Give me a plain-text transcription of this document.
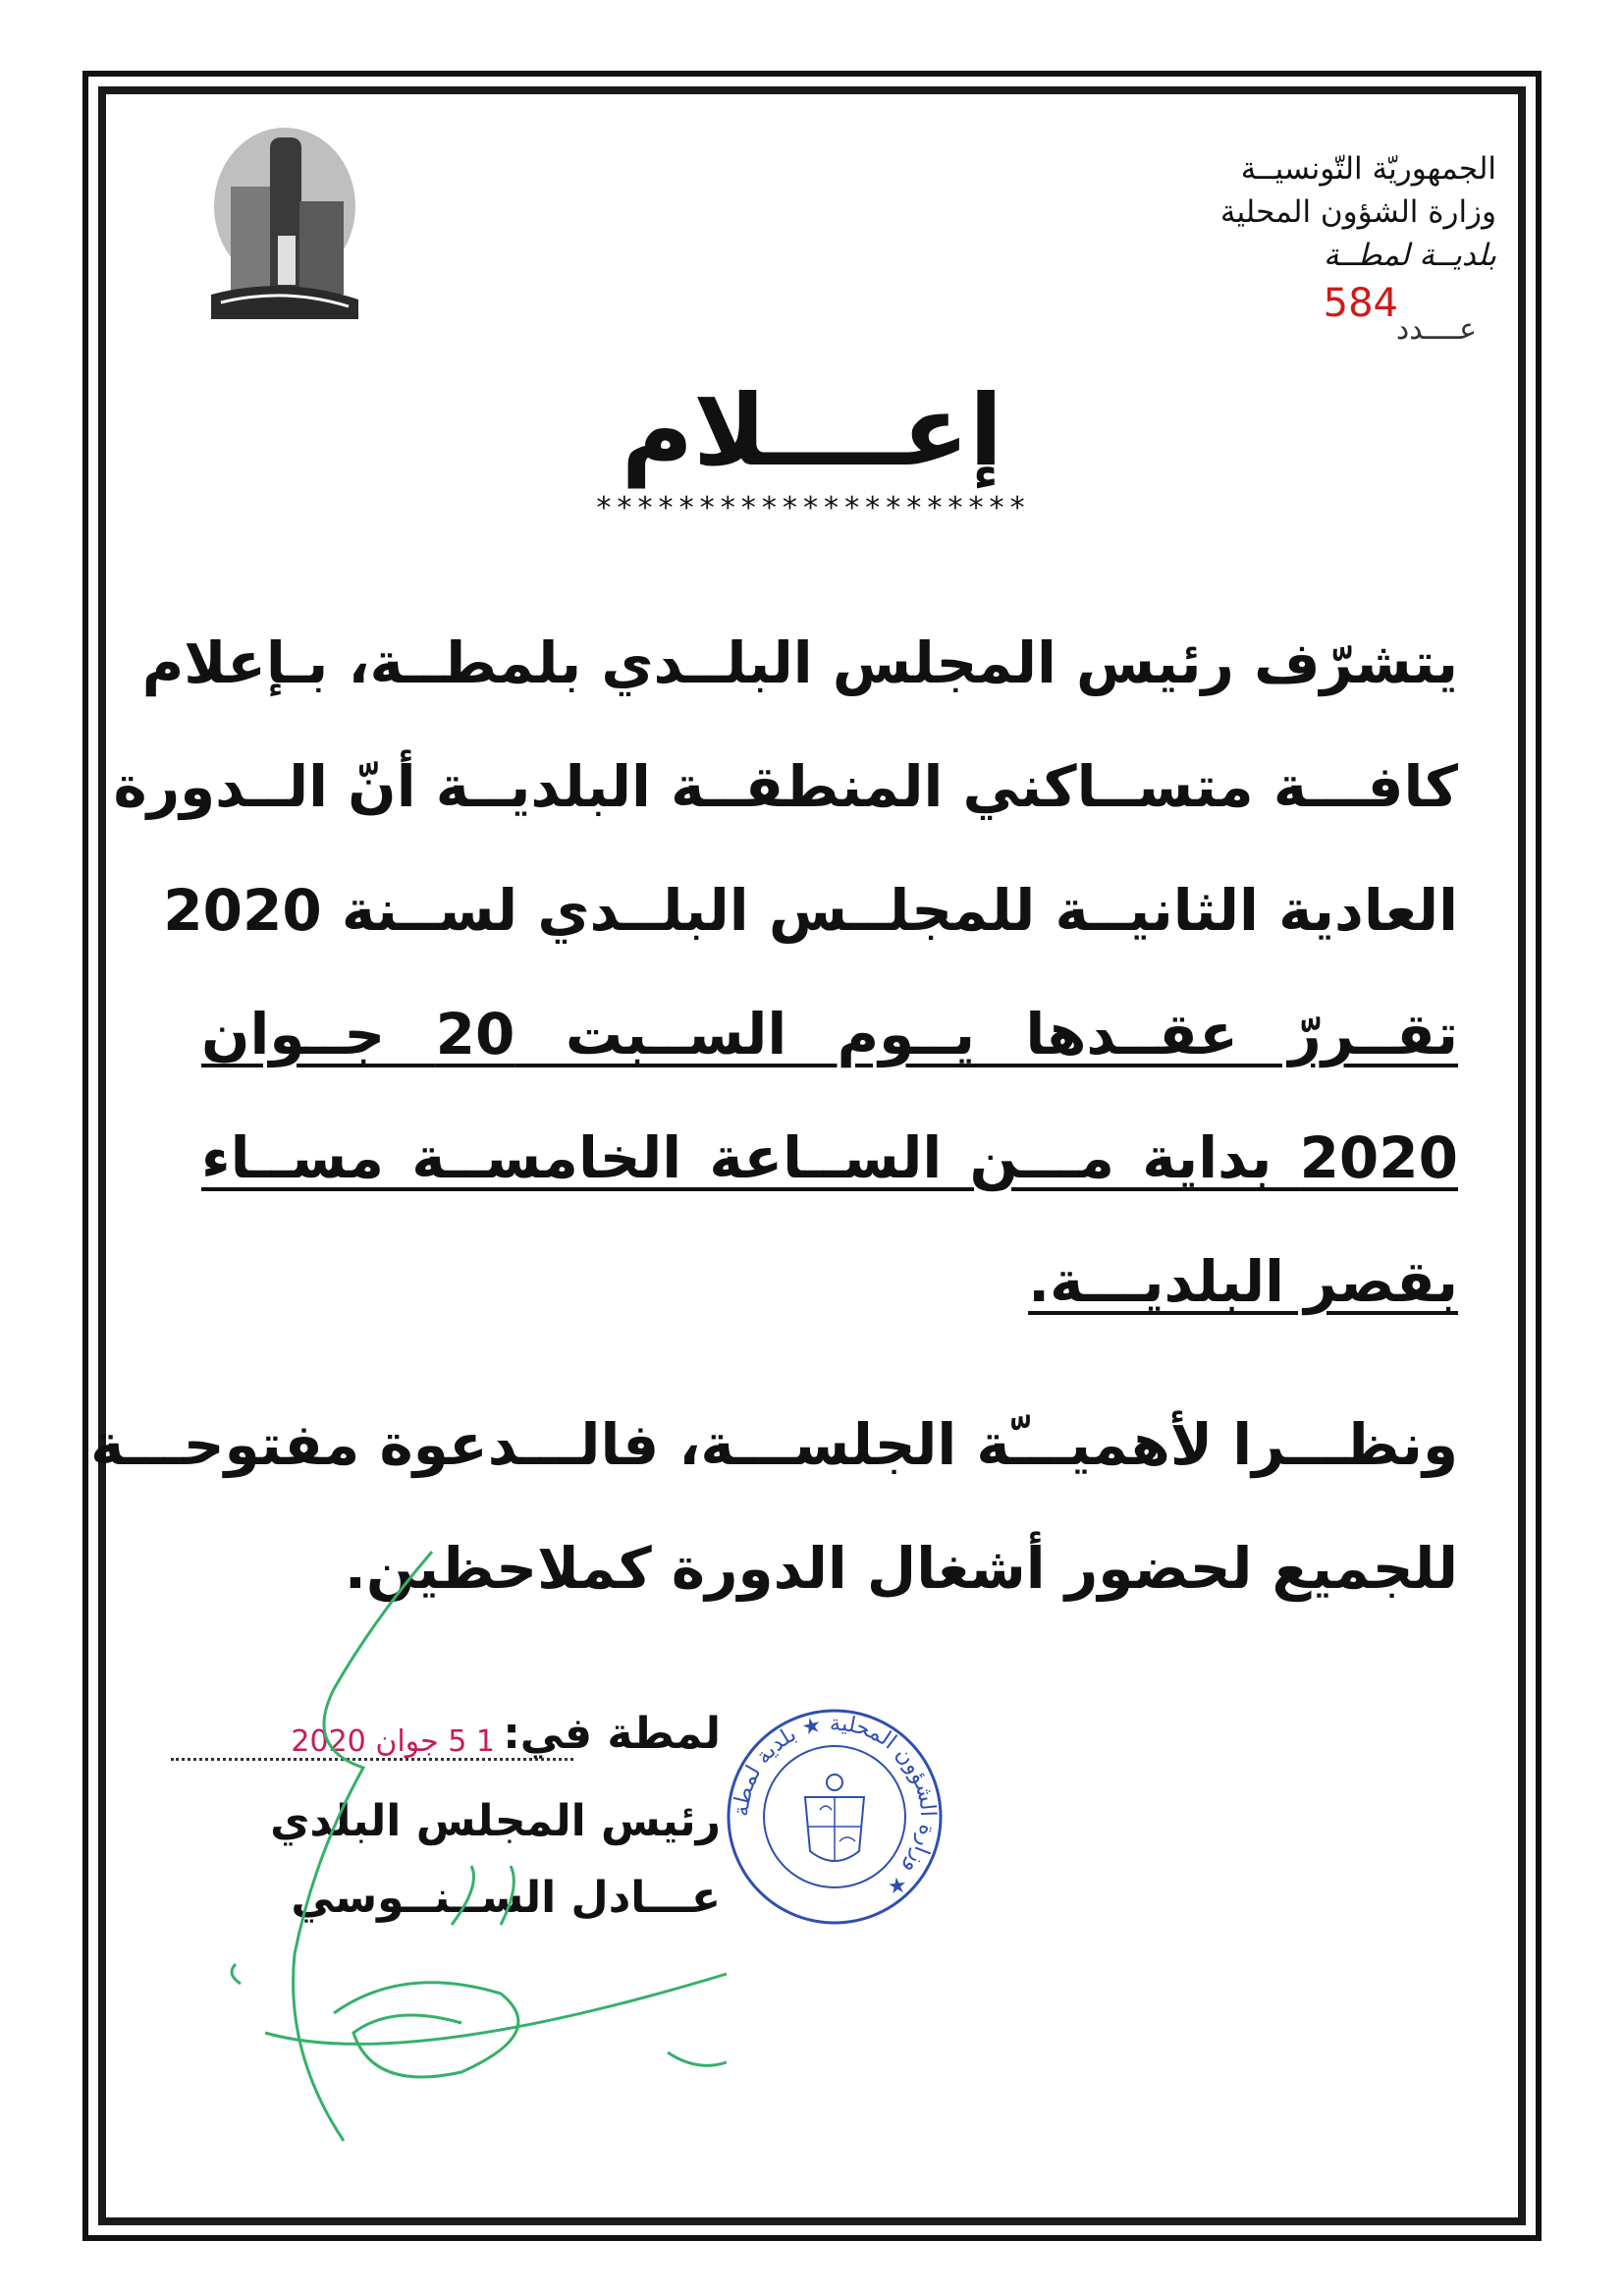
الجمهوريّة التّونسيــة
وزارة الشؤون المحلية
بلديــة لمطــة
584
عــــدد
إعــــلام
*********************
يتشرّف رئيس المجلس البلــدي بلمطــة، بـإعلام
كافـــة متســاكني المنطقــة البلديــة أنّ الــدورة
العادية الثانيــة للمجلــس البلــدي لســنة 2020
تقــررّ عقــدها يــوم الســبت 20 جــوان
2020 بداية مـــن الســاعة الخامســة مســاء
بقصر البلديـــة.
ونظـــرا لأهميـــّة الجلســـة، فالـــدعوة مفتوحـــة
للجميع لحضور أشغال الدورة كملاحظين.
لمطة في:
1 5 جوان 2020
رئيس المجلس البلدي
عـــادل الســنــوسي
وزارة الشؤون المحلية ★ بلدية لمطة ★
